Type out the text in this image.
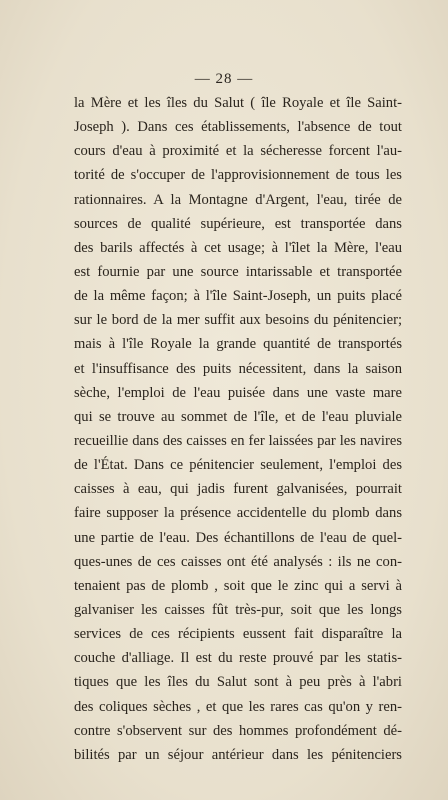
— 28 —
la Mère et les îles du Salut ( île Royale et île Saint-
Joseph ). Dans ces établissements, l'absence de tout
cours d'eau à proximité et la sécheresse forcent l'au-
torité de s'occuper de l'approvisionnement de tous les
rationnaires. A la Montagne d'Argent, l'eau, tirée de
sources de qualité supérieure, est transportée dans
des barils affectés à cet usage; à l'îlet la Mère, l'eau
est fournie par une source intarissable et transportée
de la même façon; à l'île Saint-Joseph, un puits placé
sur le bord de la mer suffit aux besoins du pénitencier;
mais à l'île Royale la grande quantité de transportés
et l'insuffisance des puits nécessitent, dans la saison
sèche, l'emploi de l'eau puisée dans une vaste mare
qui se trouve au sommet de l'île, et de l'eau pluviale
recueillie dans des caisses en fer laissées par les navires
de l'État. Dans ce pénitencier seulement, l'emploi des
caisses à eau, qui jadis furent galvanisées, pourrait
faire supposer la présence accidentelle du plomb dans
une partie de l'eau. Des échantillons de l'eau de quel-
ques-unes de ces caisses ont été analysés : ils ne con-
tenaient pas de plomb , soit que le zinc qui a servi à
galvaniser les caisses fût très-pur, soit que les longs
services de ces récipients eussent fait disparaître la
couche d'alliage. Il est du reste prouvé par les statis-
tiques que les îles du Salut sont à peu près à l'abri
des coliques sèches , et que les rares cas qu'on y ren-
contre s'observent sur des hommes profondément dé-
bilités par un séjour antérieur dans les pénitenciers
